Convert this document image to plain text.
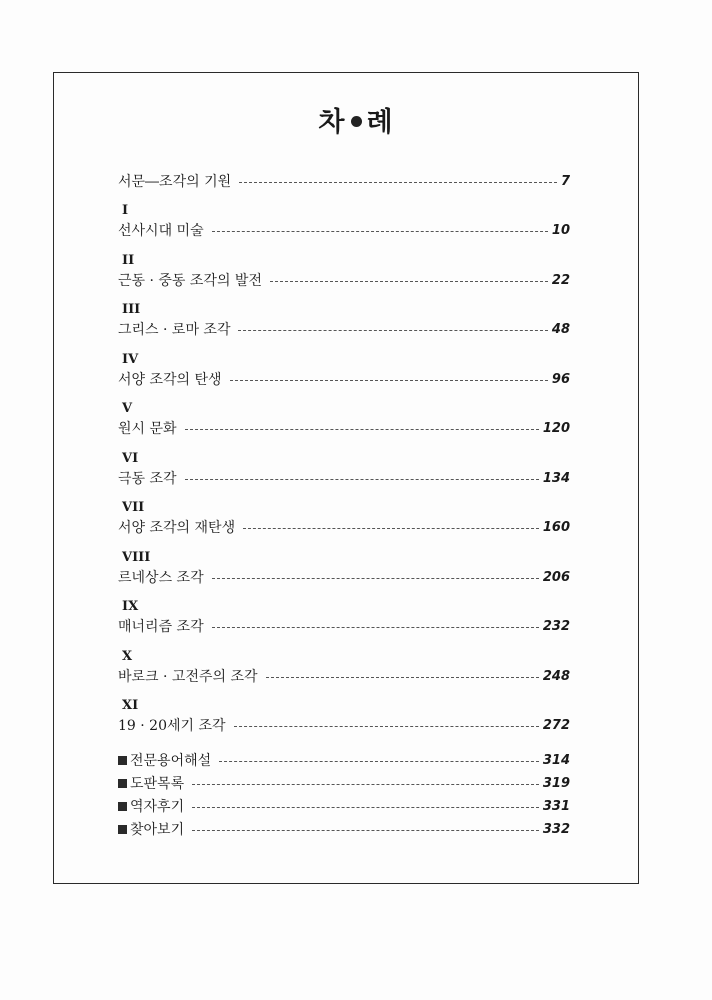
차 례
서문―조각의 기원	7
I
선사시대 미술	10
II
근동 · 중동 조각의 발전	22
III
그리스 · 로마 조각	48
IV
서양 조각의 탄생	96
V
원시 문화	120
VI
극동 조각	134
VII
서양 조각의 재탄생	160
VIII
르네상스 조각	206
IX
매너리즘 조각	232
X
바로크 · 고전주의 조각	248
XI
19 · 20세기 조각	272
전문용어해설	314
도판목록	319
역자후기	331
찾아보기	332
